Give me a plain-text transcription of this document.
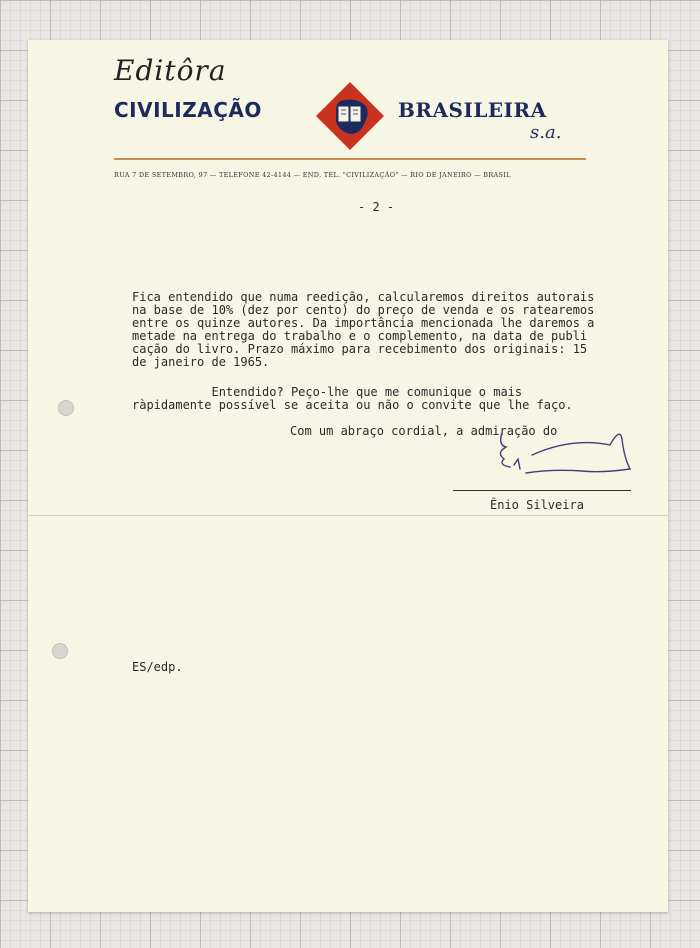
Editôra
CIVILIZAÇÃO	BRASILEIRA
s.a.
RUA 7 DE SETEMBRO, 97 — TELEFONE 42-4144 — END. TEL. "CIVILIZAÇÃO" — RIO DE JANEIRO — BRASIL
- 2 -

Fica entendido que numa reedição, calcularemos direitos autorais

na base de 10% (dez por cento) do preço de venda e os ratearemos

entre os quinze autores. Da importância mencionada lhe daremos a

metade na entrega do trabalho e o complemento, na data de publi

cação do livro. Prazo máximo para recebimento dos originais: 15

de janeiro de 1965.

Entendido? Peço-lhe que me comunique o mais

ràpidamente possível se aceita ou não o convite que lhe faço.

Com um abraço cordial, a admiração do
Ênio Silveira
ES/edp.
